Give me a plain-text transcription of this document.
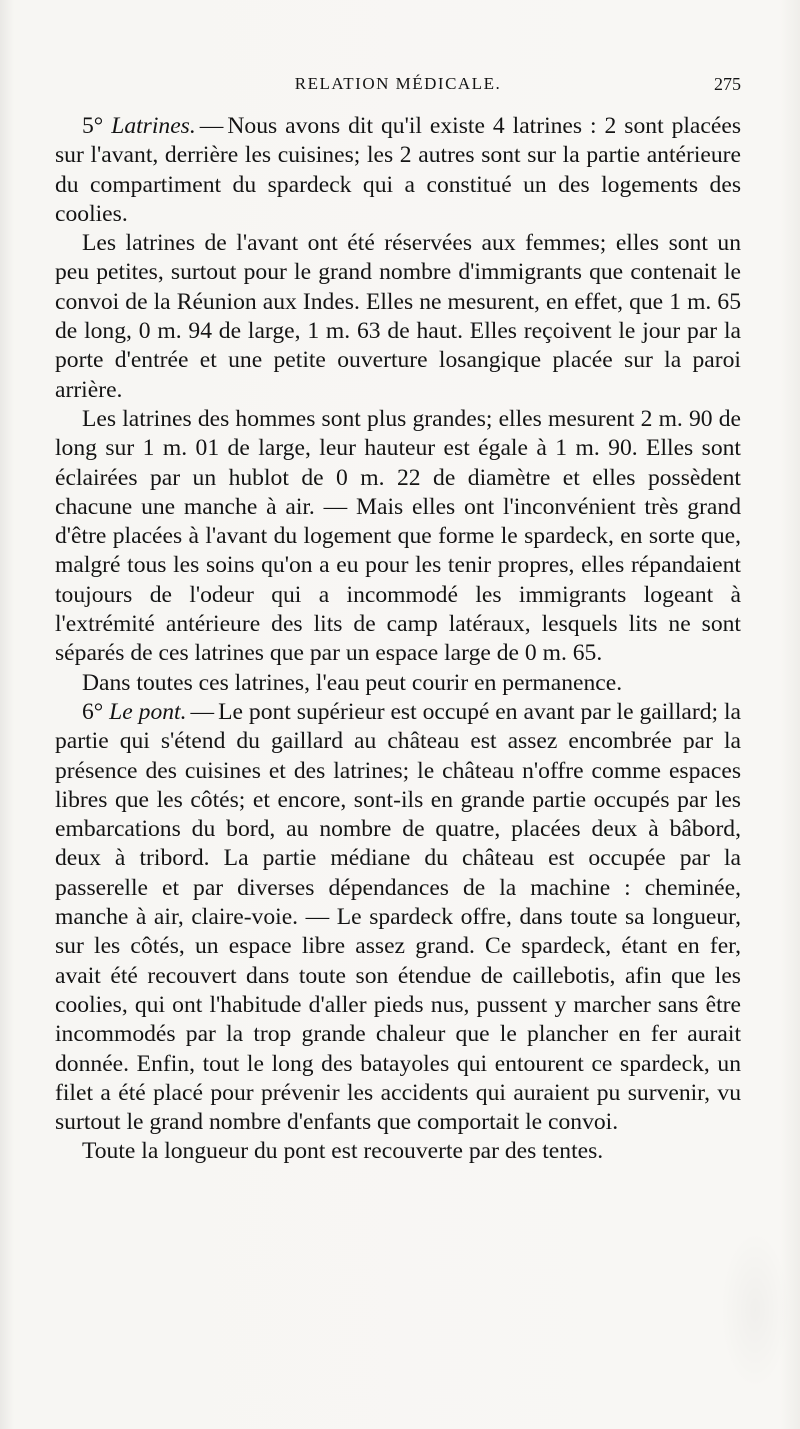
RELATION MÉDICALE.	275

5° Latrines. — Nous avons dit qu'il existe 4 latrines : 2 sont placées sur l'avant, derrière les cuisines; les 2 autres sont sur la partie antérieure du compartiment du spardeck qui a constitué un des logements des coolies.

Les latrines de l'avant ont été réservées aux femmes; elles sont un peu petites, surtout pour le grand nombre d'immigrants que contenait le convoi de la Réunion aux Indes. Elles ne mesurent, en effet, que 1 m. 65 de long, 0 m. 94 de large, 1 m. 63 de haut. Elles reçoivent le jour par la porte d'entrée et une petite ouverture losangique placée sur la paroi arrière.

Les latrines des hommes sont plus grandes; elles mesurent 2 m. 90 de long sur 1 m. 01 de large, leur hauteur est égale à 1 m. 90. Elles sont éclairées par un hublot de 0 m. 22 de diamètre et elles possèdent chacune une manche à air. — Mais elles ont l'inconvénient très grand d'être placées à l'avant du logement que forme le spardeck, en sorte que, malgré tous les soins qu'on a eu pour les tenir propres, elles répandaient toujours de l'odeur qui a incommodé les immigrants logeant à l'extrémité antérieure des lits de camp latéraux, lesquels lits ne sont séparés de ces latrines que par un espace large de 0 m. 65.

Dans toutes ces latrines, l'eau peut courir en permanence.

6° Le pont. — Le pont supérieur est occupé en avant par le gaillard; la partie qui s'étend du gaillard au château est assez encombrée par la présence des cuisines et des latrines; le château n'offre comme espaces libres que les côtés; et encore, sont-ils en grande partie occupés par les embarcations du bord, au nombre de quatre, placées deux à bâbord, deux à tribord. La partie médiane du château est occupée par la passerelle et par diverses dépendances de la machine : cheminée, manche à air, claire-voie. — Le spardeck offre, dans toute sa longueur, sur les côtés, un espace libre assez grand. Ce spardeck, étant en fer, avait été recouvert dans toute son étendue de caillebotis, afin que les coolies, qui ont l'habitude d'aller pieds nus, pussent y marcher sans être incommodés par la trop grande chaleur que le plancher en fer aurait donnée. Enfin, tout le long des batayoles qui entourent ce spardeck, un filet a été placé pour prévenir les accidents qui auraient pu survenir, vu surtout le grand nombre d'enfants que comportait le convoi.

Toute la longueur du pont est recouverte par des tentes.
